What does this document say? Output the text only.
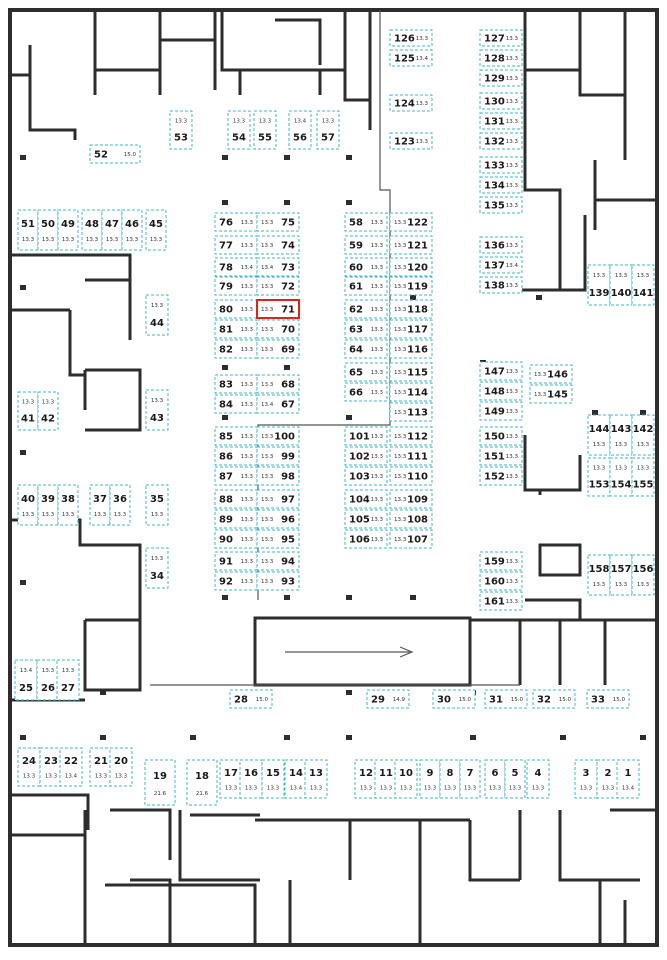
126 13.3
125 13.4
124 13.3
123 13.3
127 13.3
128 13.3
129 13.3
130 13.3
131 13.3
132 13.3
133 13.3
134 13.3
135 13.3
136 13.3
137 13.4
138 13.3
52	15.0
53
13.3
54
13.3
55
13.3
56
13.4
57
13.3
51
13.3
50
13.3
49
13.3
48
13.3
47
13.3
46
13.3
45
13.3
44
13.3
76 13.3
77 13.3
78 13.4
79 13.3
80 13.3
81 13.3
82 13.3
83 13.3
84 13.3
75
13.3
74
13.3
73
13.4
72
13.3
71
13.3
70
13.3
69
13.3
68
13.3
67
13.4
58 13.3
59 13.3
60 13.3
61 13.3
62 13.3
63 13.3
64 13.3
65 13.3
66 13.3
122
13.3
121
13.3
120
13.3
119
13.3
118
13.3
117
13.3
116
13.3
115
13.3
114
13.3
113
13.3
139
13.3
140
13.3
141
13.3
147 13.3
148 13.3
149 13.3
146
13.3
145
13.3
41
13.3
42
13.3
43
13.3
85 13.3
86 13.3
87 13.3
88 13.3
89 13.3
90 13.3
91 13.3
92 13.3
100
13.3
99
13.3
98
13.3
97
13.3
96
13.3
95
13.3
94
13.3
93
13.3
101 13.3
102 13.3
103 13.3
104 13.3
105 13.3
106 13.3
112
13.3
111
13.3
110
13.3
109
13.3
108
13.3
107
13.3
150 13.3
151 13.3
152 13.3
144
13.3
143
13.3
142
13.3
153
13.3
154
13.3
155
13.3
40
13.3
39
13.3
38
13.3
37
13.3
36
13.3
35
13.3
34
13.3	159 13.3
160 13.3
161 13.3
158
13.3
157
13.3
156
13.3
25
13.4
26
13.3
27
13.3
28 15.0	29 14.9	30 15.0 31 15.0 32 15.0 33 15.0
24
13.3
23
13.3
22
13.4
21
13.3
20
13.3	19
21.6
18
21.6
17
13.3
16
13.3
15
13.3
14
13.4
13
13.3
12
13.3
11
13.3
10
13.3
9
13.3
8
13.3
7
13.3
6
13.3
5
13.3
4
13.3
3
13.3
2
13.3
1
13.4
